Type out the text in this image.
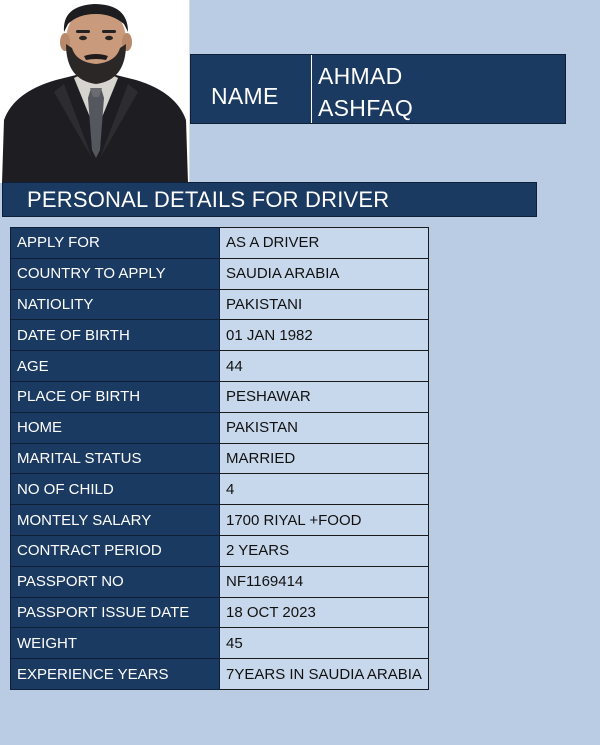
NAME
AHMAD
ASHFAQ
PERSONAL DETAILS FOR DRIVER
APPLY FOR	AS A DRIVER
COUNTRY TO APPLY	SAUDIA ARABIA
NATIOLITY	PAKISTANI
DATE OF BIRTH	01 JAN 1982
AGE	44
PLACE OF BIRTH	PESHAWAR
HOME	PAKISTAN
MARITAL STATUS	MARRIED
NO OF CHILD	4
MONTELY SALARY	1700 RIYAL +FOOD
CONTRACT PERIOD	2 YEARS
PASSPORT NO	NF1169414
PASSPORT ISSUE DATE	18 OCT 2023
WEIGHT	45
EXPERIENCE YEARS	7YEARS IN SAUDIA ARABIA
